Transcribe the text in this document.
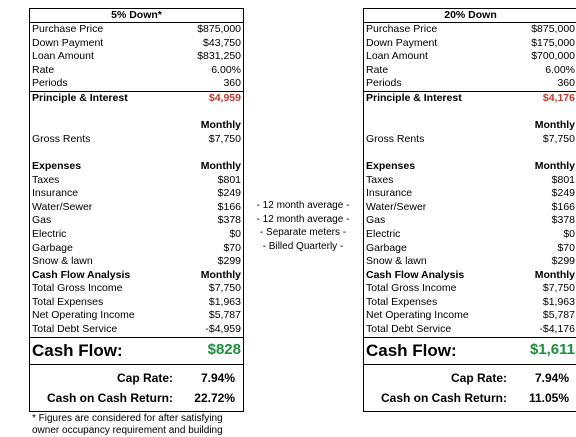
5% Down*
Purchase Price	$875,000
Down Payment	$43,750
Loan Amount	$831,250
Rate	6.00%
Periods	360
Principle & Interest	$4,959
Monthly
Gross Rents	$7,750
Expenses	Monthly
Taxes	$801
Insurance	$249
Water/Sewer	$166
Gas	$378
Electric	$0
Garbage	$70
Snow & lawn	$299
Cash Flow Analysis	Monthly
Total Gross Income	$7,750
Total Expenses	$1,963
Net Operating Income	$5,787
Total Debt Service	-$4,959
Cash Flow:	$828
Cap Rate: 7.94%
Cash on Cash Return: 22.72%
* Figures are considered for after satisfying owner occupancy requirement and building
- 12 month average -
- 12 month average -
- Separate meters -
- Billed Quarterly -
20% Down
Purchase Price	$875,000
Down Payment	$175,000
Loan Amount	$700,000
Rate	6.00%
Periods	360
Principle & Interest	$4,176
Monthly
Gross Rents	$7,750
Expenses	Monthly
Taxes	$801
Insurance	$249
Water/Sewer	$166
Gas	$378
Electric	$0
Garbage	$70
Snow & lawn	$299
Cash Flow Analysis	Monthly
Total Gross Income	$7,750
Total Expenses	$1,963
Net Operating Income	$5,787
Total Debt Service	-$4,176
Cash Flow:	$1,611
Cap Rate: 7.94%
Cash on Cash Return: 11.05%
